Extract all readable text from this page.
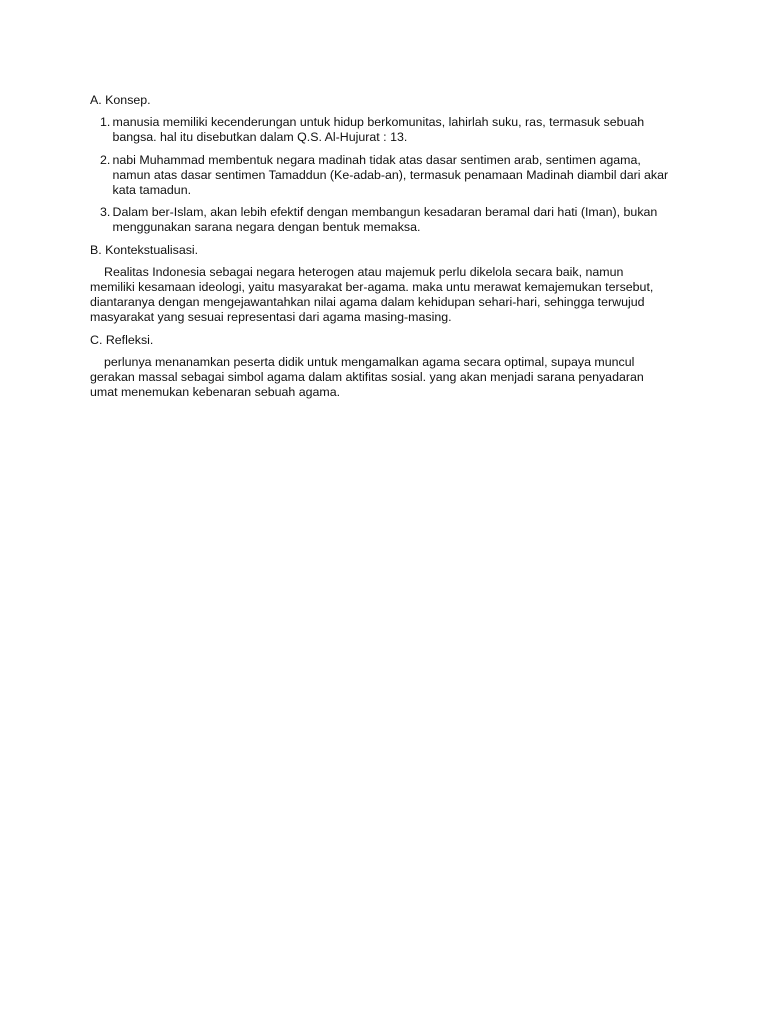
A. Konsep.
1. manusia memiliki kecenderungan untuk hidup berkomunitas, lahirlah suku, ras, termasuk sebuah
bangsa. hal itu disebutkan dalam Q.S. Al-Hujurat : 13.
2. nabi Muhammad membentuk negara madinah tidak atas dasar sentimen arab, sentimen agama,
namun atas dasar sentimen Tamaddun (Ke-adab-an), termasuk penamaan Madinah diambil dari akar
kata tamadun.
3. Dalam ber-Islam, akan lebih efektif dengan membangun kesadaran beramal dari hati (Iman), bukan
menggunakan sarana negara dengan bentuk memaksa.
B. Kontekstualisasi.

Realitas Indonesia sebagai negara heterogen atau majemuk perlu dikelola secara baik, namun
memiliki kesamaan ideologi, yaitu masyarakat ber-agama. maka untu merawat kemajemukan tersebut,
diantaranya dengan mengejawantahkan nilai agama dalam kehidupan sehari-hari, sehingga terwujud
masyarakat yang sesuai representasi dari agama masing-masing.

C. Refleksi.

perlunya menanamkan peserta didik untuk mengamalkan agama secara optimal, supaya muncul
gerakan massal sebagai simbol agama dalam aktifitas sosial. yang akan menjadi sarana penyadaran
umat menemukan kebenaran sebuah agama.
